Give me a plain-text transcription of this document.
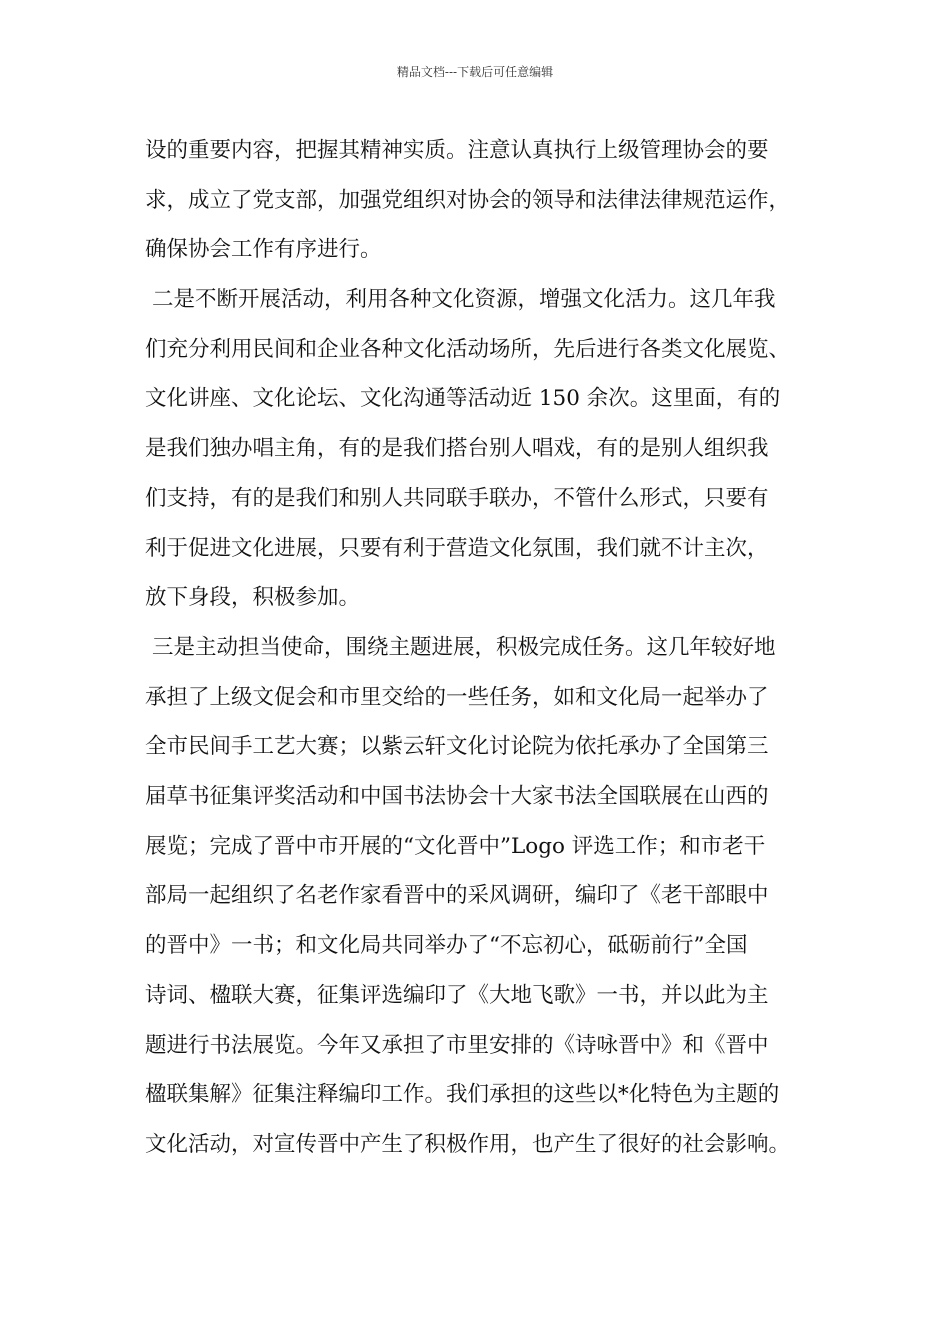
精品文档---下载后可任意编辑
设的重要内容，把握其精神实质。注意认真执行上级管理协会的要
求，成立了党支部，加强党组织对协会的领导和法律法律规范运作，
确保协会工作有序进行。
二是不断开展活动，利用各种文化资源，增强文化活力。这几年我
们充分利用民间和企业各种文化活动场所，先后进行各类文化展览、
文化讲座、文化论坛、文化沟通等活动近 150 余次。这里面，有的
是我们独办唱主角，有的是我们搭台别人唱戏，有的是别人组织我
们支持，有的是我们和别人共同联手联办，不管什么形式，只要有
利于促进文化进展，只要有利于营造文化氛围，我们就不计主次，
放下身段，积极参加。
三是主动担当使命，围绕主题进展，积极完成任务。这几年较好地
承担了上级文促会和市里交给的一些任务，如和文化局一起举办了
全市民间手工艺大赛；以紫云轩文化讨论院为依托承办了全国第三
届草书征集评奖活动和中国书法协会十大家书法全国联展在山西的
展览；完成了晋中市开展的“文化晋中”Logo 评选工作；和市老干
部局一起组织了名老作家看晋中的采风调研，编印了《老干部眼中
的晋中》一书；和文化局共同举办了“不忘初心，砥砺前行”全国
诗词、楹联大赛，征集评选编印了《大地飞歌》一书，并以此为主
题进行书法展览。今年又承担了市里安排的《诗咏晋中》和《晋中
楹联集解》征集注释编印工作。我们承担的这些以*化特色为主题的
文化活动，对宣传晋中产生了积极作用，也产生了很好的社会影响。
